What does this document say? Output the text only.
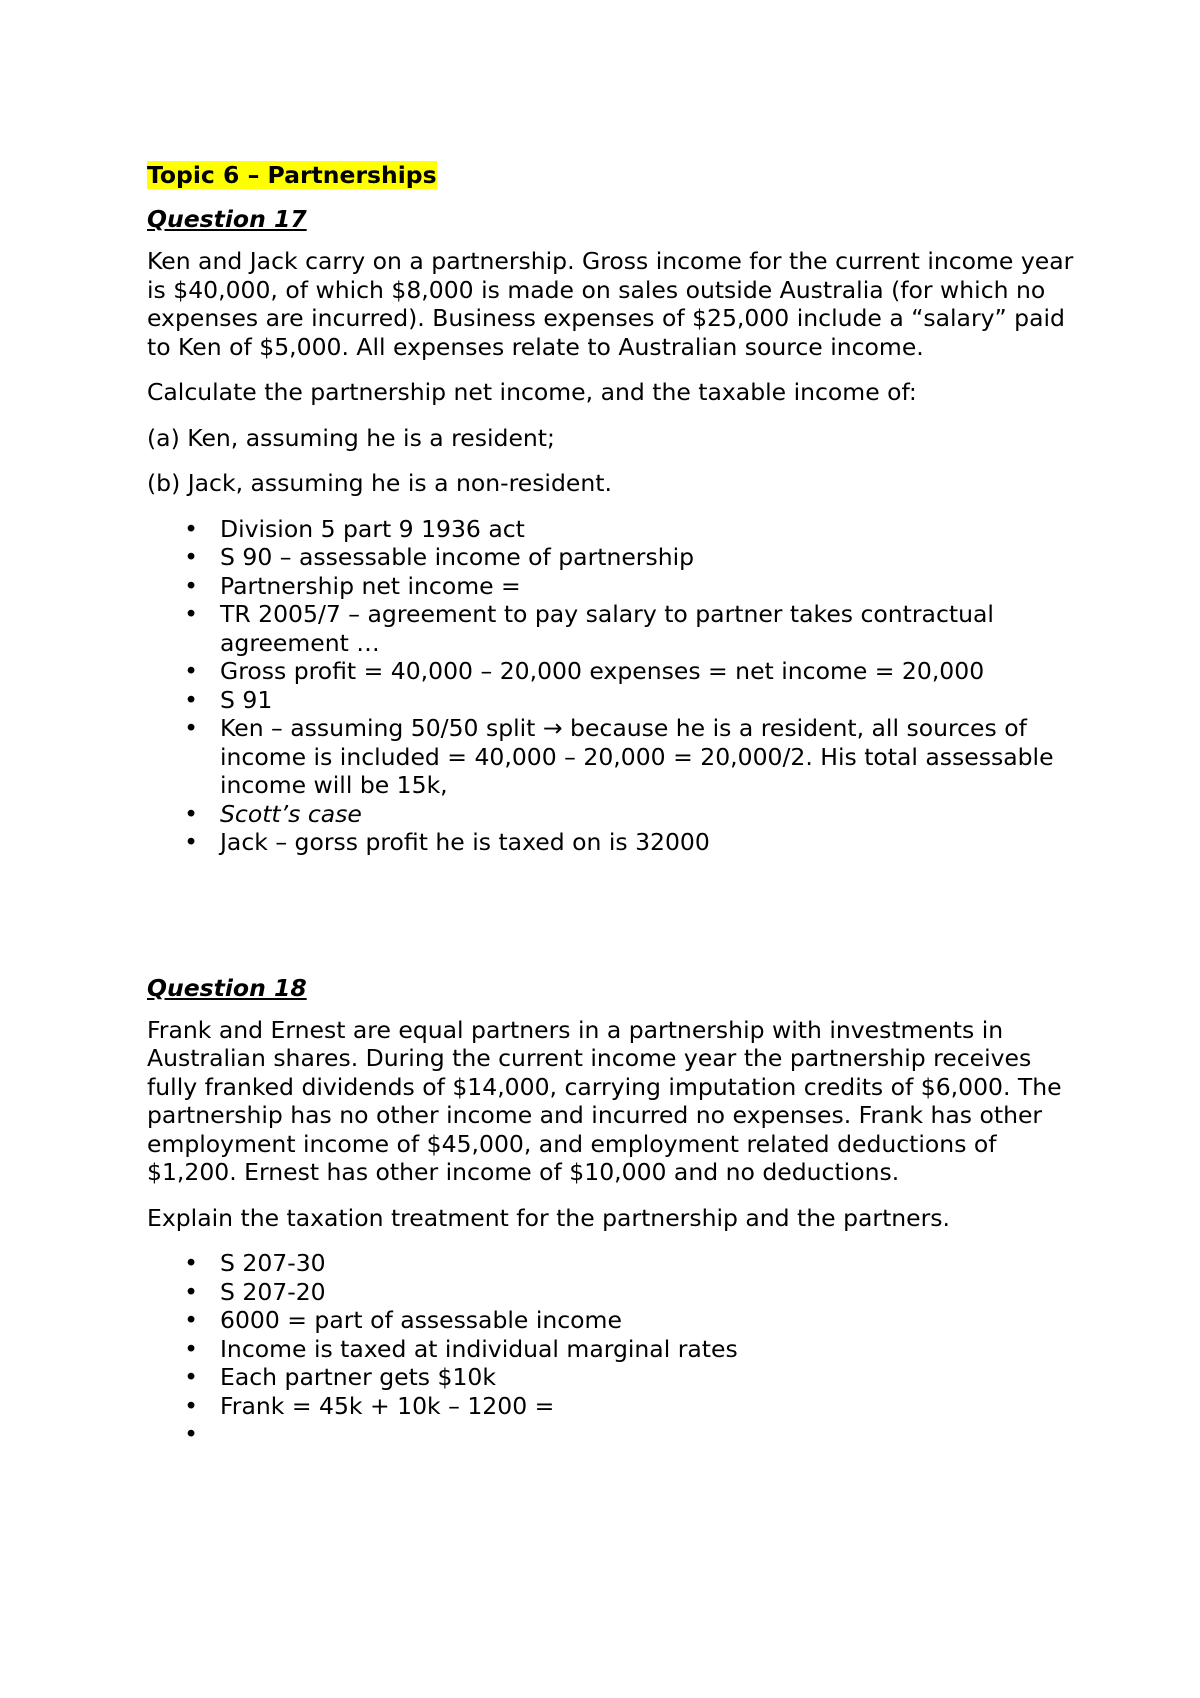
Topic 6 – Partnerships
Question 17

Ken and Jack carry on a partnership. Gross income for the current income year is $40,000, of which $8,000 is made on sales outside Australia (for which no expenses are incurred). Business expenses of $25,000 include a “salary” paid to Ken of $5,000. All expenses relate to Australian source income.

Calculate the partnership net income, and the taxable income of:

(a) Ken, assuming he is a resident;

(b) Jack, assuming he is a non-resident.

• Division 5 part 9 1936 act
• S 90 – assessable income of partnership
• Partnership net income =
• TR 2005/7 – agreement to pay salary to partner takes contractual agreement …
• Gross profit = 40,000 – 20,000 expenses = net income = 20,000
• S 91
• Ken – assuming 50/50 split → because he is a resident, all sources of income is included = 40,000 – 20,000 = 20,000/2. His total assessable income will be 15k,
• Scott’s case
• Jack – gorss profit he is taxed on is 32000
Question 18

Frank and Ernest are equal partners in a partnership with investments in Australian shares. During the current income year the partnership receives fully franked dividends of $14,000, carrying imputation credits of $6,000. The partnership has no other income and incurred no expenses. Frank has other employment income of $45,000, and employment related deductions of $1,200. Ernest has other income of $10,000 and no deductions.

Explain the taxation treatment for the partnership and the partners.

• S 207-30
• S 207-20
• 6000 = part of assessable income
• Income is taxed at individual marginal rates
• Each partner gets $10k
• Frank = 45k + 10k – 1200 =
•
